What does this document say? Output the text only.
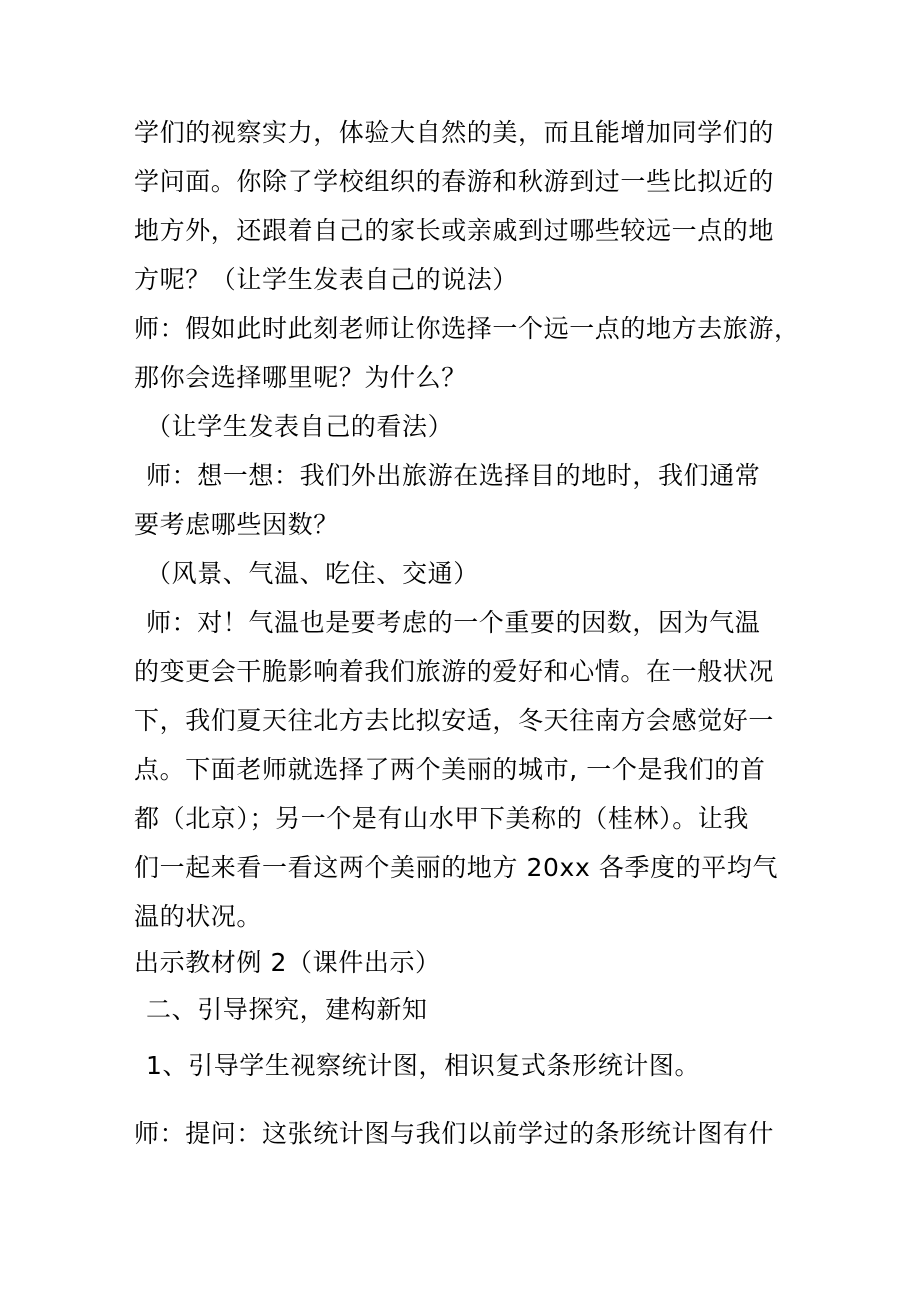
学们的视察实力，体验大自然的美，而且能增加同学们的
学问面。你除了学校组织的春游和秋游到过一些比拟近的
地方外，还跟着自己的家长或亲戚到过哪些较远一点的地
方呢？（让学生发表自己的说法）
师：假如此时此刻老师让你选择一个远一点的地方去旅游，
那你会选择哪里呢？为什么？
（让学生发表自己的看法）
师：想一想：我们外出旅游在选择目的地时，我们通常
要考虑哪些因数？
（风景、气温、吃住、交通）
师：对！气温也是要考虑的一个重要的因数，因为气温
的变更会干脆影响着我们旅游的爱好和心情。在一般状况
下，我们夏天往北方去比拟安适，冬天往南方会感觉好一
点。下面老师就选择了两个美丽的城市, 一个是我们的首
都（北京）；另一个是有山水甲下美称的（桂林）。让我
们一起来看一看这两个美丽的地方 20xx 各季度的平均气
温的状况。
出示教材例 2（课件出示）
二、引导探究，建构新知
1、引导学生视察统计图，相识复式条形统计图。
师：提问：这张统计图与我们以前学过的条形统计图有什
